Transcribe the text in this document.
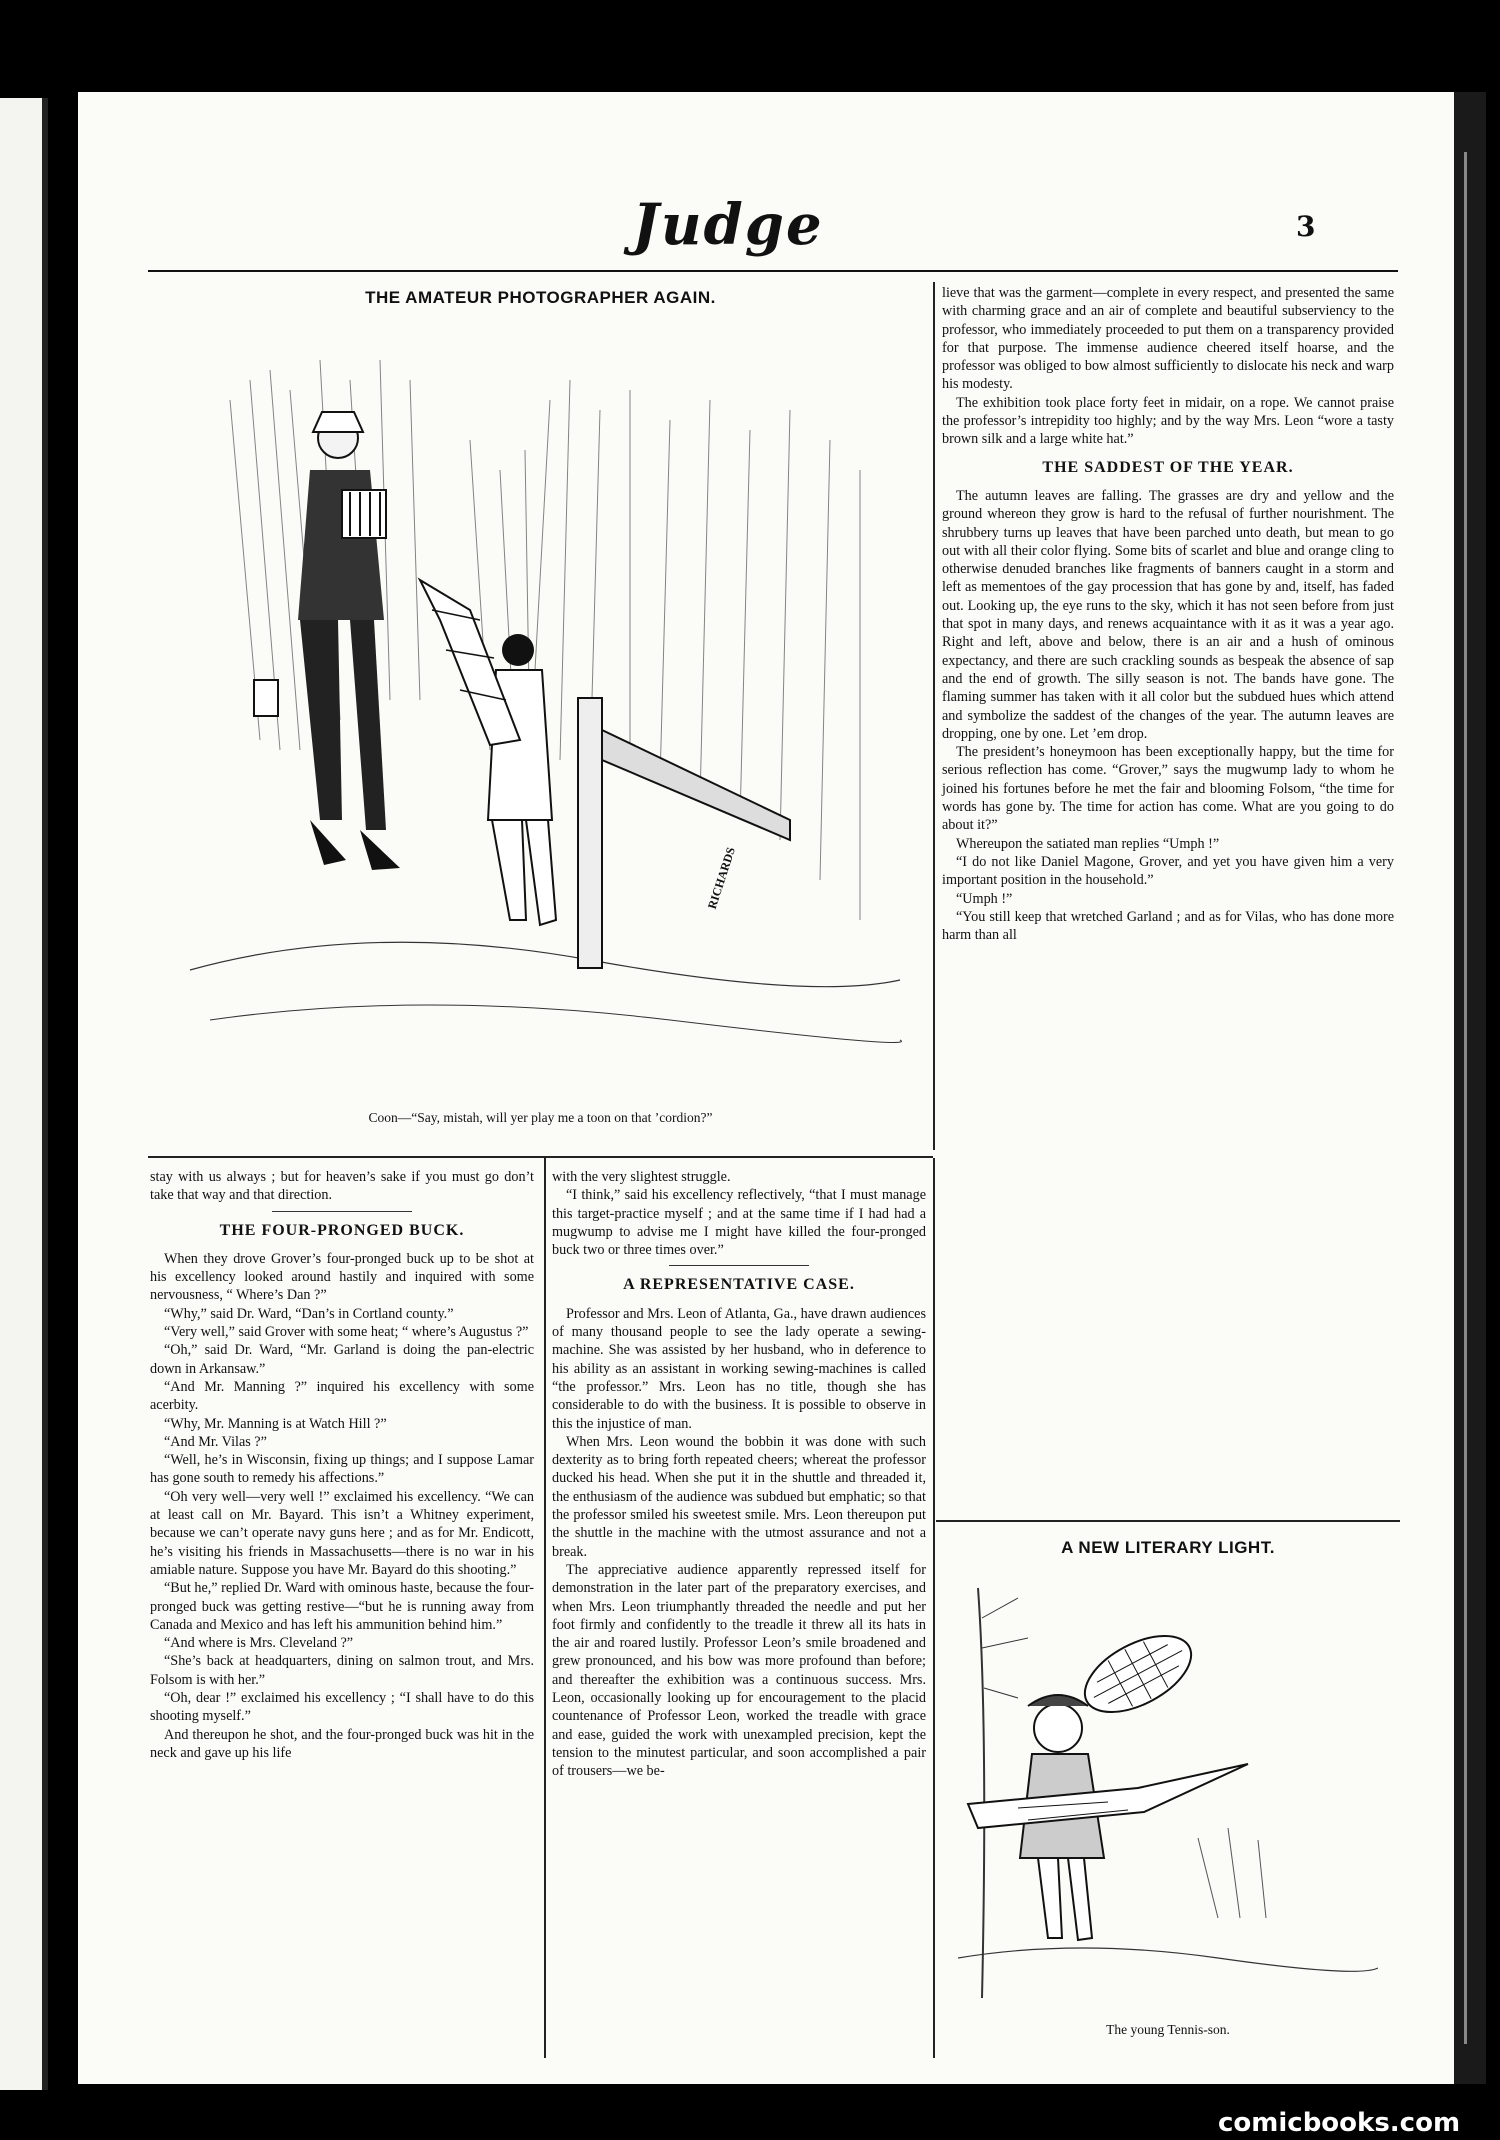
Judge	3
THE AMATEUR PHOTOGRAPHER AGAIN.
RICHARDS
Coon—“Say, mistah, will yer play me a toon on that ’cordion?”

stay with us always ; but for heaven’s sake if you must go don’t take that way and that direction.

THE FOUR-PRONGED BUCK.

When they drove Grover’s four-pronged buck up to be shot at his excellency looked around hastily and inquired with some nervousness, “ Where’s Dan ?”

“Why,” said Dr. Ward, “Dan’s in Cortland county.”

“Very well,” said Grover with some heat; “ where’s Augustus ?”

“Oh,” said Dr. Ward, “Mr. Garland is doing the pan-electric down in Arkansaw.”

“And Mr. Manning ?” inquired his excellency with some acerbity.

“Why, Mr. Manning is at Watch Hill ?”

“And Mr. Vilas ?”

“Well, he’s in Wisconsin, fixing up things; and I suppose Lamar has gone south to remedy his affections.”

“Oh very well—very well !” exclaimed his excellency. “We can at least call on Mr. Bayard. This isn’t a Whitney experiment, because we can’t operate navy guns here ; and as for Mr. Endicott, he’s visiting his friends in Massachusetts—there is no war in his amiable nature. Suppose you have Mr. Bayard do this shooting.”

“But he,” replied Dr. Ward with ominous haste, because the four-pronged buck was getting restive—“but he is running away from Canada and Mexico and has left his ammunition behind him.”

“And where is Mrs. Cleveland ?”

“She’s back at headquarters, dining on salmon trout, and Mrs. Folsom is with her.”

“Oh, dear !” exclaimed his excellency ; “I shall have to do this shooting myself.”

And thereupon he shot, and the four-pronged buck was hit in the neck and gave up his life

with the very slightest struggle.

“I think,” said his excellency reflectively, “that I must manage this target-practice myself ; and at the same time if I had had a mugwump to advise me I might have killed the four-pronged buck two or three times over.”

A REPRESENTATIVE CASE.

Professor and Mrs. Leon of Atlanta, Ga., have drawn audiences of many thousand people to see the lady operate a sewing-machine. She was assisted by her husband, who in deference to his ability as an assistant in working sewing-machines is called “the professor.” Mrs. Leon has no title, though she has considerable to do with the business. It is possible to observe in this the injustice of man.

When Mrs. Leon wound the bobbin it was done with such dexterity as to bring forth repeated cheers; whereat the professor ducked his head. When she put it in the shuttle and threaded it, the enthusiasm of the audience was subdued but emphatic; so that the professor smiled his sweetest smile. Mrs. Leon thereupon put the shuttle in the machine with the utmost assurance and not a break.

The appreciative audience apparently repressed itself for demonstration in the later part of the preparatory exercises, and when Mrs. Leon triumphantly threaded the needle and put her foot firmly and confidently to the treadle it threw all its hats in the air and roared lustily. Professor Leon’s smile broadened and grew pronounced, and his bow was more profound than before; and thereafter the exhibition was a continuous success. Mrs. Leon, occasionally looking up for encouragement to the placid countenance of Professor Leon, worked the treadle with grace and ease, guided the work with unexampled precision, kept the tension to the minutest particular, and soon accomplished a pair of trousers—we be-

lieve that was the garment—complete in every respect, and presented the same with charming grace and an air of complete and beautiful subserviency to the professor, who immediately proceeded to put them on a transparency provided for that purpose. The immense audience cheered itself hoarse, and the professor was obliged to bow almost sufficiently to dislocate his neck and warp his modesty.

The exhibition took place forty feet in midair, on a rope. We cannot praise the professor’s intrepidity too highly; and by the way Mrs. Leon “wore a tasty brown silk and a large white hat.”

THE SADDEST OF THE YEAR.

The autumn leaves are falling. The grasses are dry and yellow and the ground whereon they grow is hard to the refusal of further nourishment. The shrubbery turns up leaves that have been parched unto death, but mean to go out with all their color flying. Some bits of scarlet and blue and orange cling to otherwise denuded branches like fragments of banners caught in a storm and left as mementoes of the gay procession that has gone by and, itself, has faded out. Looking up, the eye runs to the sky, which it has not seen before from just that spot in many days, and renews acquaintance with it as it was a year ago. Right and left, above and below, there is an air and a hush of ominous expectancy, and there are such crackling sounds as bespeak the absence of sap and the end of growth. The silly season is not. The bands have gone. The flaming summer has taken with it all color but the subdued hues which attend and symbolize the saddest of the changes of the year. The autumn leaves are dropping, one by one. Let ’em drop.

The president’s honeymoon has been exceptionally happy, but the time for serious reflection has come. “Grover,” says the mugwump lady to whom he joined his fortunes before he met the fair and blooming Folsom, “the time for words has gone by. The time for action has come. What are you going to do about it?”

Whereupon the satiated man replies “Umph !”

“I do not like Daniel Magone, Grover, and yet you have given him a very important position in the household.”

“Umph !”

“You still keep that wretched Garland ; and as for Vilas, who has done more harm than all

A NEW LITERARY LIGHT.
The young Tennis-son.
comicbooks.com
